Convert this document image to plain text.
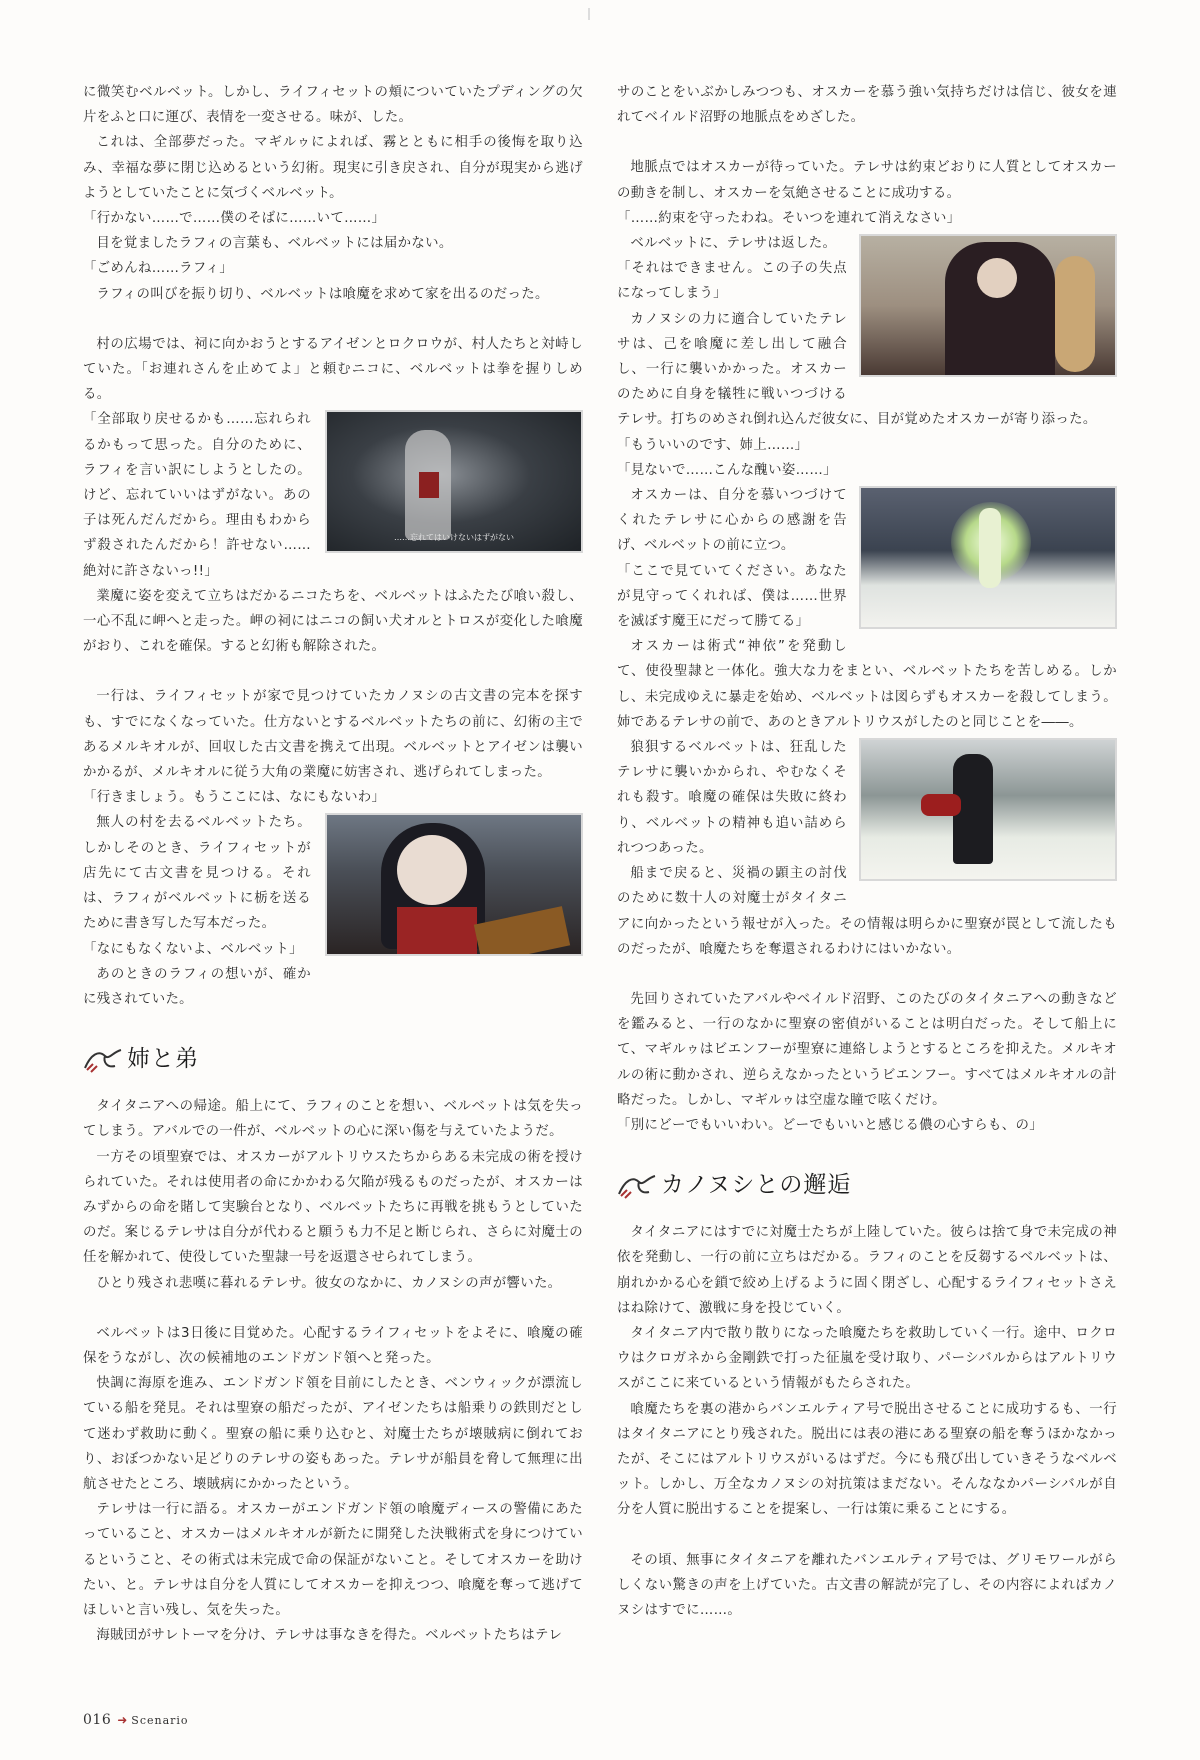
に微笑むベルベット。しかし、ライフィセットの頬についていたプディングの欠片をふと口に運び、表情を一変させる。味が、した。

これは、全部夢だった。マギルゥによれば、霧とともに相手の後悔を取り込み、幸福な夢に閉じ込めるという幻術。現実に引き戻され、自分が現実から逃げようとしていたことに気づくベルベット。

「行かない……で……僕のそばに……いて……」

目を覚ましたラフィの言葉も、ベルベットには届かない。

「ごめんね……ラフィ」

ラフィの叫びを振り切り、ベルベットは喰魔を求めて家を出るのだった。

村の広場では、祠に向かおうとするアイゼンとロクロウが、村人たちと対峙していた。「お連れさんを止めてよ」と頼むニコに、ベルベットは拳を握りしめる。

……忘れてはいけないはずがない

「全部取り戻せるかも……忘れられるかもって思った。自分のために、ラフィを言い訳にしようとしたの。けど、忘れていいはずがない。あの子は死んだんだから。理由もわからず殺されたんだから！許せない……絶対に許さないっ!!」

業魔に姿を変えて立ちはだかるニコたちを、ベルベットはふたたび喰い殺し、一心不乱に岬へと走った。岬の祠にはニコの飼い犬オルとトロスが変化した喰魔がおり、これを確保。すると幻術も解除された。

一行は、ライフィセットが家で見つけていたカノヌシの古文書の完本を探すも、すでになくなっていた。仕方ないとするベルベットたちの前に、幻術の主であるメルキオルが、回収した古文書を携えて出現。ベルベットとアイゼンは襲いかかるが、メルキオルに従う大角の業魔に妨害され、逃げられてしまった。

「行きましょう。もうここには、なにもないわ」

無人の村を去るベルベットたち。しかしそのとき、ライフィセットが店先にて古文書を見つける。それは、ラフィがベルベットに栃を送るために書き写した写本だった。

「なにもなくないよ、ベルベット」

あのときのラフィの想いが、確かに残されていた。

姉と弟

タイタニアへの帰途。船上にて、ラフィのことを想い、ベルベットは気を失ってしまう。アバルでの一件が、ベルベットの心に深い傷を与えていたようだ。

一方その頃聖寮では、オスカーがアルトリウスたちからある未完成の術を授けられていた。それは使用者の命にかかわる欠陥が残るものだったが、オスカーはみずからの命を賭して実験台となり、ベルベットたちに再戦を挑もうとしていたのだ。案じるテレサは自分が代わると願うも力不足と断じられ、さらに対魔士の任を解かれて、使役していた聖隷一号を返還させられてしまう。

ひとり残され悲嘆に暮れるテレサ。彼女のなかに、カノヌシの声が響いた。

ベルベットは3日後に目覚めた。心配するライフィセットをよそに、喰魔の確保をうながし、次の候補地のエンドガンド領へと発った。

快調に海原を進み、エンドガンド領を目前にしたとき、ベンウィックが漂流している船を発見。それは聖寮の船だったが、アイゼンたちは船乗りの鉄則だとして迷わず救助に動く。聖寮の船に乗り込むと、対魔士たちが壊賊病に倒れており、おぼつかない足どりのテレサの姿もあった。テレサが船員を脅して無理に出航させたところ、壊賊病にかかったという。

テレサは一行に語る。オスカーがエンドガンド領の喰魔ディースの警備にあたっていること、オスカーはメルキオルが新たに開発した決戦術式を身につけているということ、その術式は未完成で命の保証がないこと。そしてオスカーを助けたい、と。テレサは自分を人質にしてオスカーを抑えつつ、喰魔を奪って逃げてほしいと言い残し、気を失った。

海賊団がサレトーマを分け、テレサは事なきを得た。ベルベットたちはテレ

サのことをいぶかしみつつも、オスカーを慕う強い気持ちだけは信じ、彼女を連れてベイルド沼野の地脈点をめざした。

地脈点ではオスカーが待っていた。テレサは約束どおりに人質としてオスカーの動きを制し、オスカーを気絶させることに成功する。

「……約束を守ったわね。そいつを連れて消えなさい」

ベルベットに、テレサは返した。

「それはできません。この子の失点になってしまう」

カノヌシの力に適合していたテレサは、己を喰魔に差し出して融合し、一行に襲いかかった。オスカーのために自身を犠牲に戦いつづけるテレサ。打ちのめされ倒れ込んだ彼女に、目が覚めたオスカーが寄り添った。

「もういいのです、姉上……」

「見ないで……こんな醜い姿……」

オスカーは、自分を慕いつづけてくれたテレサに心からの感謝を告げ、ベルベットの前に立つ。

「ここで見ていてください。あなたが見守ってくれれば、僕は……世界を滅ぼす魔王にだって勝てる」

オスカーは術式“神依”を発動して、使役聖隷と一体化。強大な力をまとい、ベルベットたちを苦しめる。しかし、未完成ゆえに暴走を始め、ベルベットは図らずもオスカーを殺してしまう。姉であるテレサの前で、あのときアルトリウスがしたのと同じことを――。

狼狽するベルベットは、狂乱したテレサに襲いかかられ、やむなくそれも殺す。喰魔の確保は失敗に終わり、ベルベットの精神も追い詰められつつあった。

船まで戻ると、災禍の顕主の討伐のために数十人の対魔士がタイタニアに向かったという報せが入った。その情報は明らかに聖寮が罠として流したものだったが、喰魔たちを奪還されるわけにはいかない。

先回りされていたアバルやベイルド沼野、このたびのタイタニアへの動きなどを鑑みると、一行のなかに聖寮の密偵がいることは明白だった。そして船上にて、マギルゥはビエンフーが聖寮に連絡しようとするところを抑えた。メルキオルの術に動かされ、逆らえなかったというビエンフー。すべてはメルキオルの計略だった。しかし、マギルゥは空虚な瞳で呟くだけ。

「別にどーでもいいわい。どーでもいいと感じる儂の心すらも、の」

カノヌシとの邂逅

タイタニアにはすでに対魔士たちが上陸していた。彼らは捨て身で未完成の神依を発動し、一行の前に立ちはだかる。ラフィのことを反芻するベルベットは、崩れかかる心を鎖で絞め上げるように固く閉ざし、心配するライフィセットさえはね除けて、激戦に身を投じていく。

タイタニア内で散り散りになった喰魔たちを救助していく一行。途中、ロクロウはクロガネから金剛鉄で打った征嵐を受け取り、パーシバルからはアルトリウスがここに来ているという情報がもたらされた。

喰魔たちを裏の港からバンエルティア号で脱出させることに成功するも、一行はタイタニアにとり残された。脱出には表の港にある聖寮の船を奪うほかなかったが、そこにはアルトリウスがいるはずだ。今にも飛び出していきそうなベルベット。しかし、万全なカノヌシの対抗策はまだない。そんななかパーシバルが自分を人質に脱出することを提案し、一行は策に乗ることにする。

その頃、無事にタイタニアを離れたバンエルティア号では、グリモワールがらしくない驚きの声を上げていた。古文書の解読が完了し、その内容によればカノヌシはすでに……。

016 ➜ Scenario
